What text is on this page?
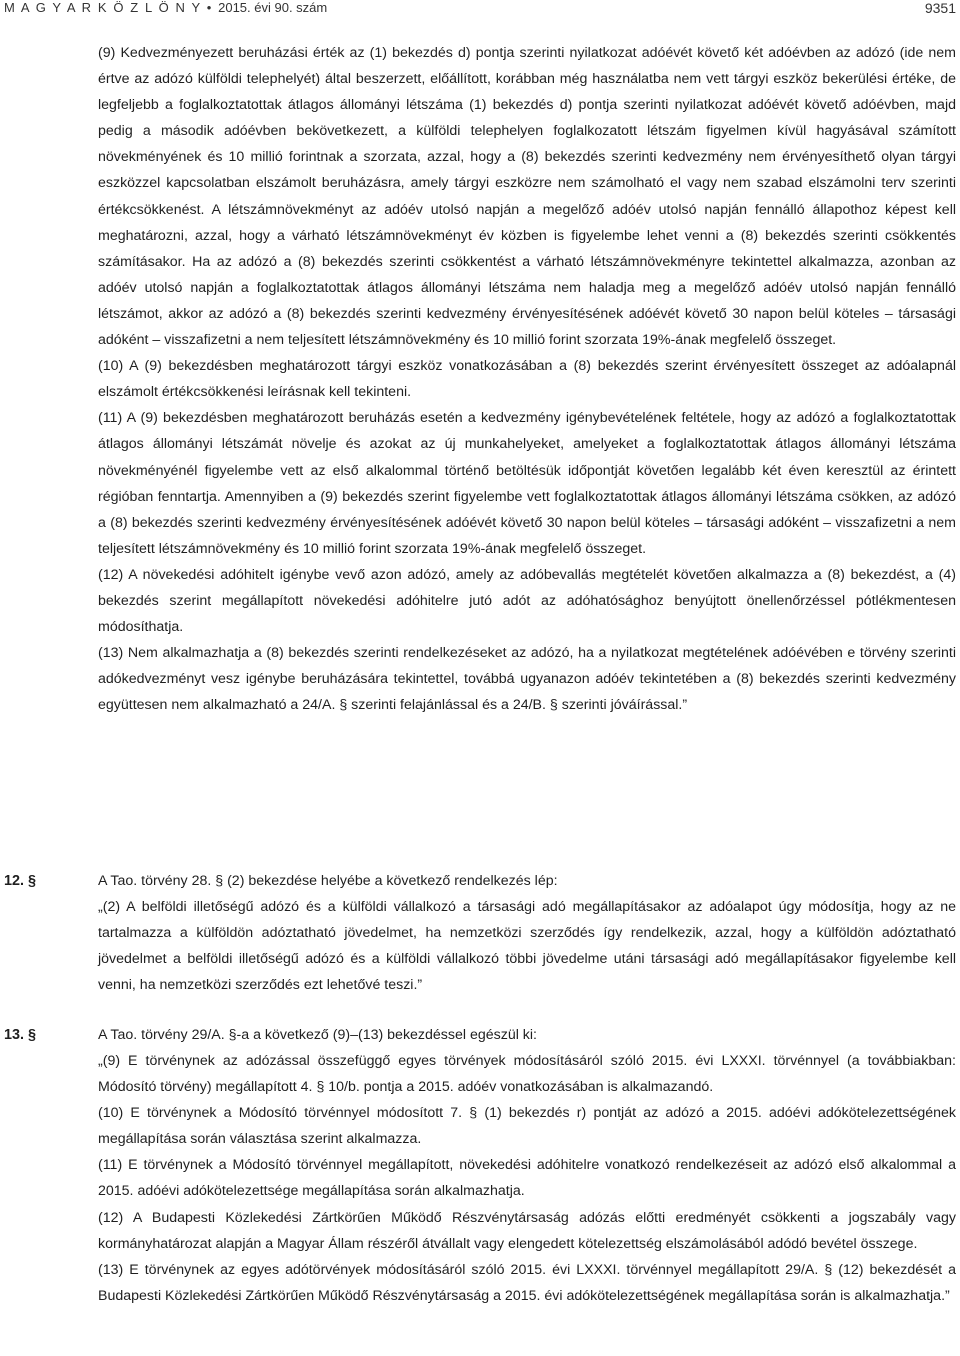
M A G Y A R K Ö Z L Ö N Y • 2015. évi 90. szám	9351

(9) Kedvezményezett beruházási érték az (1) bekezdés d) pontja szerinti nyilatkozat adóévét követő két adóévben az adózó (ide nem értve az adózó külföldi telephelyét) által beszerzett, előállított, korábban még használatba nem vett tárgyi eszköz bekerülési értéke, de legfeljebb a foglalkoztatottak átlagos állományi létszáma (1) bekezdés d) pontja szerinti nyilatkozat adóévét követő adóévben, majd pedig a második adóévben bekövetkezett, a külföldi telephelyen foglalkozatott létszám figyelmen kívül hagyásával számított növekményének és 10 millió forintnak a szorzata, azzal, hogy a (8) bekezdés szerinti kedvezmény nem érvényesíthető olyan tárgyi eszközzel kapcsolatban elszámolt beruházásra, amely tárgyi eszközre nem számolható el vagy nem szabad elszámolni terv szerinti értékcsökkenést. A létszámnövekményt az adóév utolsó napján a megelőző adóév utolsó napján fennálló állapothoz képest kell meghatározni, azzal, hogy a várható létszámnövekményt év közben is figyelembe lehet venni a (8) bekezdés szerinti csökkentés számításakor. Ha az adózó a (8) bekezdés szerinti csökkentést a várható létszámnövekményre tekintettel alkalmazza, azonban az adóév utolsó napján a foglalkoztatottak átlagos állományi létszáma nem haladja meg a megelőző adóév utolsó napján fennálló létszámot, akkor az adózó a (8) bekezdés szerinti kedvezmény érvényesítésének adóévét követő 30 napon belül köteles – társasági adóként – visszafizetni a nem teljesített létszámnövekmény és 10 millió forint szorzata 19%-ának megfelelő összeget.

(10) A (9) bekezdésben meghatározott tárgyi eszköz vonatkozásában a (8) bekezdés szerint érvényesített összeget az adóalapnál elszámolt értékcsökkenési leírásnak kell tekinteni.

(11) A (9) bekezdésben meghatározott beruházás esetén a kedvezmény igénybevételének feltétele, hogy az adózó a foglalkoztatottak átlagos állományi létszámát növelje és azokat az új munkahelyeket, amelyeket a foglalkoztatottak átlagos állományi létszáma növekményénél figyelembe vett az első alkalommal történő betöltésük időpontját követően legalább két éven keresztül az érintett régióban fenntartja. Amennyiben a (9) bekezdés szerint figyelembe vett foglalkoztatottak átlagos állományi létszáma csökken, az adózó a (8) bekezdés szerinti kedvezmény érvényesítésének adóévét követő 30 napon belül köteles – társasági adóként – visszafizetni a nem teljesített létszámnövekmény és 10 millió forint szorzata 19%-ának megfelelő összeget.

(12) A növekedési adóhitelt igénybe vevő azon adózó, amely az adóbevallás megtételét követően alkalmazza a (8) bekezdést, a (4) bekezdés szerint megállapított növekedési adóhitelre jutó adót az adóhatósághoz benyújtott önellenőrzéssel pótlékmentesen módosíthatja.

(13) Nem alkalmazhatja a (8) bekezdés szerinti rendelkezéseket az adózó, ha a nyilatkozat megtételének adóévében e törvény szerinti adókedvezményt vesz igénybe beruházására tekintettel, továbbá ugyanazon adóév tekintetében a (8) bekezdés szerinti kedvezmény együttesen nem alkalmazható a 24/A. § szerinti felajánlással és a 24/B. § szerinti jóváírással.”

12. §	A Tao. törvény 28. § (2) bekezdése helyébe a következő rendelkezés lép:

„(2) A belföldi illetőségű adózó és a külföldi vállalkozó a társasági adó megállapításakor az adóalapot úgy módosítja, hogy az ne tartalmazza a külföldön adóztatható jövedelmet, ha nemzetközi szerződés így rendelkezik, azzal, hogy a külföldön adóztatható jövedelmet a belföldi illetőségű adózó és a külföldi vállalkozó többi jövedelme utáni társasági adó megállapításakor figyelembe kell venni, ha nemzetközi szerződés ezt lehetővé teszi.”

13. §	A Tao. törvény 29/A. §-a a következő (9)–(13) bekezdéssel egészül ki:

„(9) E törvénynek az adózással összefüggő egyes törvények módosításáról szóló 2015. évi LXXXI. törvénnyel (a továbbiakban: Módosító törvény) megállapított 4. § 10/b. pontja a 2015. adóév vonatkozásában is alkalmazandó.

(10) E törvénynek a Módosító törvénnyel módosított 7. § (1) bekezdés r) pontját az adózó a 2015. adóévi adókötelezettségének megállapítása során választása szerint alkalmazza.

(11) E törvénynek a Módosító törvénnyel megállapított, növekedési adóhitelre vonatkozó rendelkezéseit az adózó első alkalommal a 2015. adóévi adókötelezettsége megállapítása során alkalmazhatja.

(12) A Budapesti Közlekedési Zártkörűen Működő Részvénytársaság adózás előtti eredményét csökkenti a jogszabály vagy kormányhatározat alapján a Magyar Állam részéről átvállalt vagy elengedett kötelezettség elszámolásából adódó bevétel összege.

(13) E törvénynek az egyes adótörvények módosításáról szóló 2015. évi LXXXI. törvénnyel megállapított 29/A. § (12) bekezdését a Budapesti Közlekedési Zártkörűen Működő Részvénytársaság a 2015. évi adókötelezettségének megállapítása során is alkalmazhatja.”
